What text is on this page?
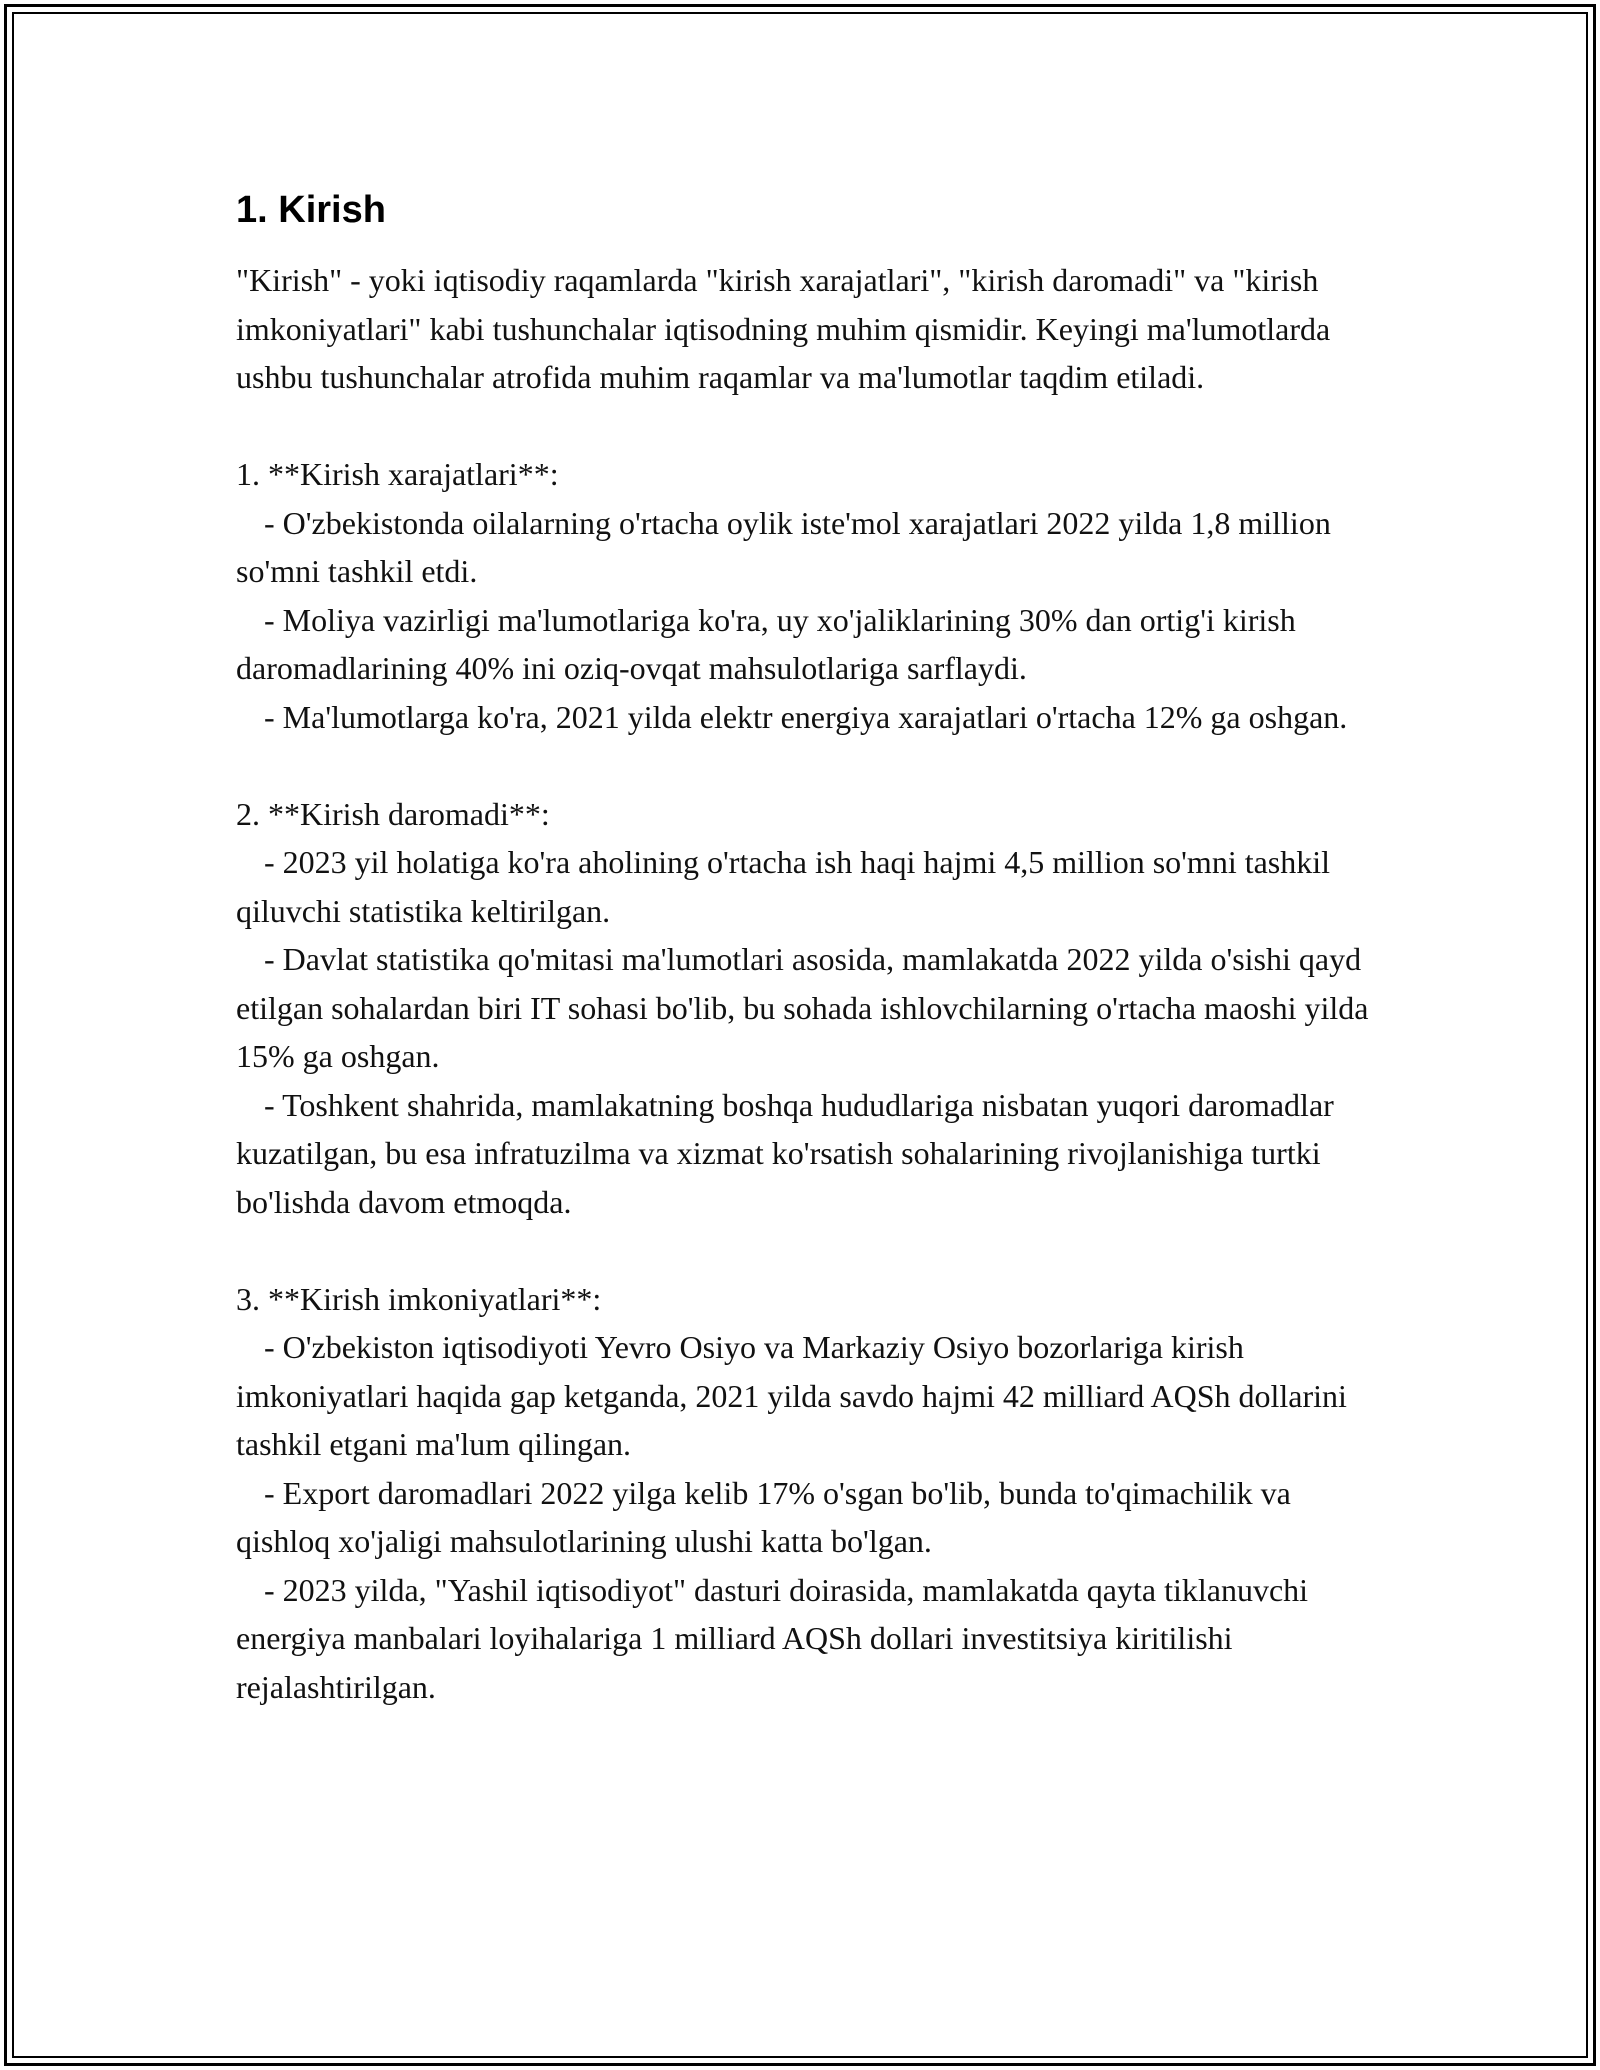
1. Kirish

"Kirish" - yoki iqtisodiy raqamlarda "kirish xarajatlari", "kirish daromadi" va "kirish imkoniyatlari" kabi tushunchalar iqtisodning muhim qismidir. Keyingi ma'lumotlarda ushbu tushunchalar atrofida muhim raqamlar va ma'lumotlar taqdim etiladi.

1. **Kirish xarajatlari**:

- O'zbekistonda oilalarning o'rtacha oylik iste'mol xarajatlari 2022 yilda 1,8 million so'mni tashkil etdi.

- Moliya vazirligi ma'lumotlariga ko'ra, uy xo'jaliklarining 30% dan ortig'i kirish daromadlarining 40% ini oziq-ovqat mahsulotlariga sarflaydi.

- Ma'lumotlarga ko'ra, 2021 yilda elektr energiya xarajatlari o'rtacha 12% ga oshgan.

2. **Kirish daromadi**:

- 2023 yil holatiga ko'ra aholining o'rtacha ish haqi hajmi 4,5 million so'mni tashkil qiluvchi statistika keltirilgan.

- Davlat statistika qo'mitasi ma'lumotlari asosida, mamlakatda 2022 yilda o'sishi qayd etilgan sohalardan biri IT sohasi bo'lib, bu sohada ishlovchilarning o'rtacha maoshi yilda 15% ga oshgan.

- Toshkent shahrida, mamlakatning boshqa hududlariga nisbatan yuqori daromadlar kuzatilgan, bu esa infratuzilma va xizmat ko'rsatish sohalarining rivojlanishiga turtki bo'lishda davom etmoqda.

3. **Kirish imkoniyatlari**:

- O'zbekiston iqtisodiyoti Yevro Osiyo va Markaziy Osiyo bozorlariga kirish imkoniyatlari haqida gap ketganda, 2021 yilda savdo hajmi 42 milliard AQSh dollarini tashkil etgani ma'lum qilingan.

- Export daromadlari 2022 yilga kelib 17% o'sgan bo'lib, bunda to'qimachilik va qishloq xo'jaligi mahsulotlarining ulushi katta bo'lgan.

- 2023 yilda, "Yashil iqtisodiyot" dasturi doirasida, mamlakatda qayta tiklanuvchi energiya manbalari loyihalariga 1 milliard AQSh dollari investitsiya kiritilishi rejalashtirilgan.
